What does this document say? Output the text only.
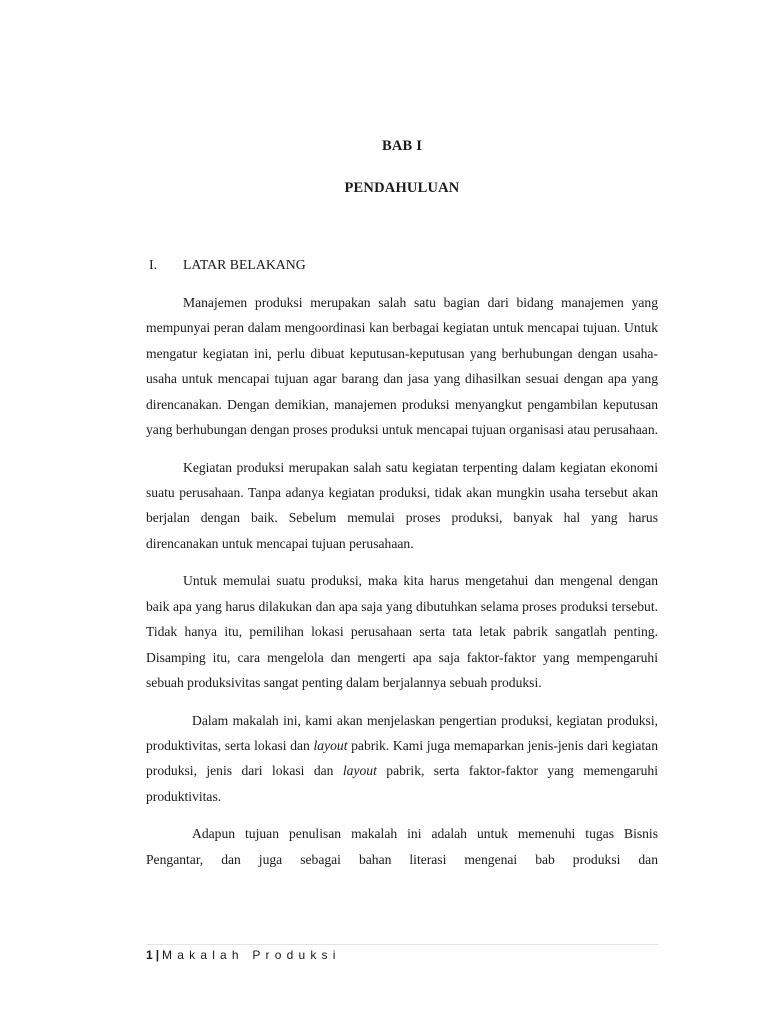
BAB I
PENDAHULUAN
I. LATAR BELAKANG

Manajemen produksi merupakan salah satu bagian dari bidang manajemen yang mempunyai peran dalam mengoordinasi kan berbagai kegiatan untuk mencapai tujuan. Untuk mengatur kegiatan ini, perlu dibuat keputusan-keputusan yang berhubungan dengan usaha-usaha untuk mencapai tujuan agar barang dan jasa yang dihasilkan sesuai dengan apa yang direncanakan. Dengan demikian, manajemen produksi menyangkut pengambilan keputusan yang berhubungan dengan proses produksi untuk mencapai tujuan organisasi atau perusahaan.

Kegiatan produksi merupakan salah satu kegiatan terpenting dalam kegiatan ekonomi suatu perusahaan. Tanpa adanya kegiatan produksi, tidak akan mungkin usaha tersebut akan berjalan dengan baik. Sebelum memulai proses produksi, banyak hal yang harus direncanakan untuk mencapai tujuan perusahaan.

Untuk memulai suatu produksi, maka kita harus mengetahui dan mengenal dengan baik apa yang harus dilakukan dan apa saja yang dibutuhkan selama proses produksi tersebut. Tidak hanya itu, pemilihan lokasi perusahaan serta tata letak pabrik sangatlah penting. Disamping itu, cara mengelola dan mengerti apa saja faktor-faktor yang mempengaruhi sebuah produksivitas sangat penting dalam berjalannya sebuah produksi.

Dalam makalah ini, kami akan menjelaskan pengertian produksi, kegiatan produksi, produktivitas, serta lokasi dan layout pabrik. Kami juga memaparkan jenis-jenis dari kegiatan produksi, jenis dari lokasi dan layout pabrik, serta faktor-faktor yang memengaruhi produktivitas.

Adapun tujuan penulisan makalah ini adalah untuk memenuhi tugas Bisnis Pengantar, dan juga sebagai bahan literasi mengenai bab produksi dan

1 | Makalah Produksi
